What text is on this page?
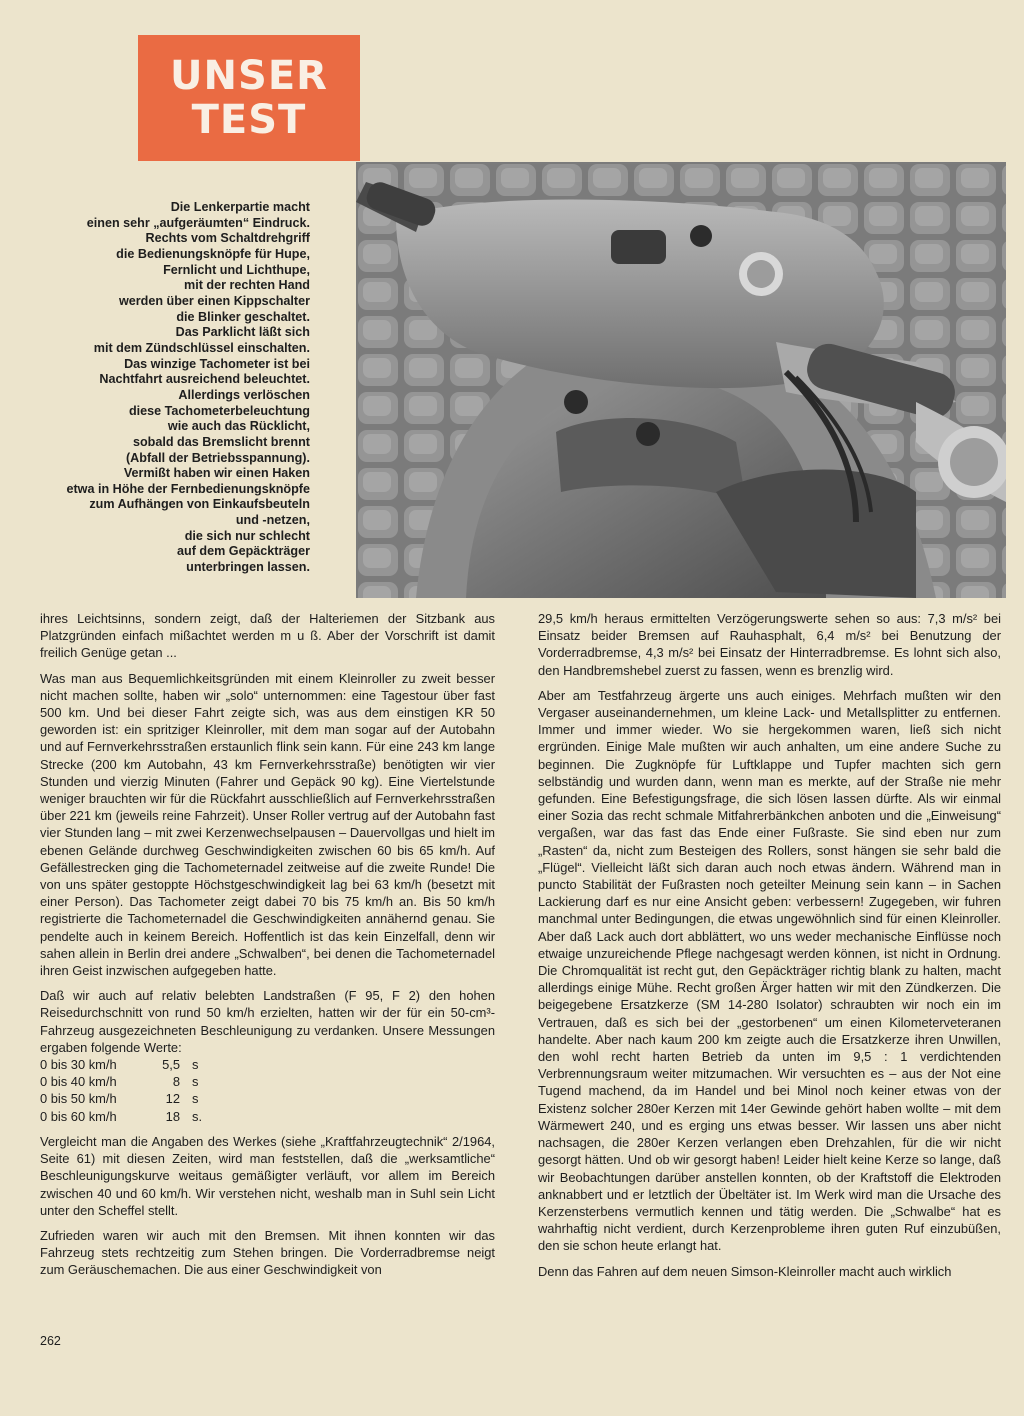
UNSER
TEST
Die Lenkerpartie macht
einen sehr „aufgeräumten“ Eindruck.
Rechts vom Schaltdrehgriff
die Bedienungsknöpfe für Hupe,
Fernlicht und Lichthupe,
mit der rechten Hand
werden über einen Kippschalter
die Blinker geschaltet.
Das Parklicht läßt sich
mit dem Zündschlüssel einschalten.
Das winzige Tachometer ist bei
Nachtfahrt ausreichend beleuchtet.
Allerdings verlöschen
diese Tachometerbeleuchtung
wie auch das Rücklicht,
sobald das Bremslicht brennt
(Abfall der Betriebsspannung).
Vermißt haben wir einen Haken
etwa in Höhe der Fernbedienungsknöpfe
zum Aufhängen von Einkaufsbeuteln
und -netzen,
die sich nur schlecht
auf dem Gepäckträger
unterbringen lassen.

ihres Leichtsinns, sondern zeigt, daß der Halteriemen der Sitzbank aus Platzgründen einfach mißachtet werden m u ß. Aber der Vorschrift ist damit freilich Genüge getan ...

Was man aus Bequemlichkeitsgründen mit einem Kleinroller zu zweit besser nicht machen sollte, haben wir „solo“ unternommen: eine Tagestour über fast 500 km. Und bei dieser Fahrt zeigte sich, was aus dem einstigen KR 50 geworden ist: ein spritziger Kleinroller, mit dem man sogar auf der Autobahn und auf Fernverkehrsstraßen erstaunlich flink sein kann. Für eine 243 km lange Strecke (200 km Autobahn, 43 km Fernverkehrsstraße) benötigten wir vier Stunden und vierzig Minuten (Fahrer und Gepäck 90 kg). Eine Viertelstunde weniger brauchten wir für die Rückfahrt ausschließlich auf Fernverkehrsstraßen über 221 km (jeweils reine Fahrzeit). Unser Roller vertrug auf der Autobahn fast vier Stunden lang – mit zwei Kerzenwechselpausen – Dauervollgas und hielt im ebenen Gelände durchweg Geschwindigkeiten zwischen 60 bis 65 km/h. Auf Gefällestrecken ging die Tachometernadel zeitweise auf die zweite Runde! Die von uns später gestoppte Höchstgeschwindigkeit lag bei 63 km/h (besetzt mit einer Person). Das Tachometer zeigt dabei 70 bis 75 km/h an. Bis 50 km/h registrierte die Tachometernadel die Geschwindigkeiten annähernd genau. Sie pendelte auch in keinem Bereich. Hoffentlich ist das kein Einzelfall, denn wir sahen allein in Berlin drei andere „Schwalben“, bei denen die Tachometernadel ihren Geist inzwischen aufgegeben hatte.

Daß wir auch auf relativ belebten Landstraßen (F 95, F 2) den hohen Reisedurchschnitt von rund 50 km/h erzielten, hatten wir der für ein 50-cm³-Fahrzeug ausgezeichneten Beschleunigung zu verdanken. Unsere Messungen ergaben folgende Werte:

0 bis 30 km/h	5,5 s
0 bis 40 km/h	8 s
0 bis 50 km/h	12 s
0 bis 60 km/h	18 s.

Vergleicht man die Angaben des Werkes (siehe „Kraftfahrzeugtechnik“ 2/1964, Seite 61) mit diesen Zeiten, wird man feststellen, daß die „werksamtliche“ Beschleunigungskurve weitaus gemäßigter verläuft, vor allem im Bereich zwischen 40 und 60 km/h. Wir verstehen nicht, weshalb man in Suhl sein Licht unter den Scheffel stellt.

Zufrieden waren wir auch mit den Bremsen. Mit ihnen konnten wir das Fahrzeug stets rechtzeitig zum Stehen bringen. Die Vorderradbremse neigt zum Geräuschemachen. Die aus einer Geschwindigkeit von

29,5 km/h heraus ermittelten Verzögerungswerte sehen so aus: 7,3 m/s² bei Einsatz beider Bremsen auf Rauhasphalt, 6,4 m/s² bei Benutzung der Vorderradbremse, 4,3 m/s² bei Einsatz der Hinterradbremse. Es lohnt sich also, den Handbremshebel zuerst zu fassen, wenn es brenzlig wird.

Aber am Testfahrzeug ärgerte uns auch einiges. Mehrfach mußten wir den Vergaser auseinandernehmen, um kleine Lack- und Metallsplitter zu entfernen. Immer und immer wieder. Wo sie hergekommen waren, ließ sich nicht ergründen. Einige Male mußten wir auch anhalten, um eine andere Suche zu beginnen. Die Zugknöpfe für Luftklappe und Tupfer machten sich gern selbständig und wurden dann, wenn man es merkte, auf der Straße nie mehr gefunden. Eine Befestigungsfrage, die sich lösen lassen dürfte. Als wir einmal einer Sozia das recht schmale Mitfahrerbänkchen anboten und die „Einweisung“ vergaßen, war das fast das Ende einer Fußraste. Sie sind eben nur zum „Rasten“ da, nicht zum Besteigen des Rollers, sonst hängen sie sehr bald die „Flügel“. Vielleicht läßt sich daran auch noch etwas ändern. Während man in puncto Stabilität der Fußrasten noch geteilter Meinung sein kann – in Sachen Lackierung darf es nur eine Ansicht geben: verbessern! Zugegeben, wir fuhren manchmal unter Bedingungen, die etwas ungewöhnlich sind für einen Kleinroller. Aber daß Lack auch dort abblättert, wo uns weder mechanische Einflüsse noch etwaige unzureichende Pflege nachgesagt werden können, ist nicht in Ordnung. Die Chromqualität ist recht gut, den Gepäckträger richtig blank zu halten, macht allerdings einige Mühe. Recht großen Ärger hatten wir mit den Zündkerzen. Die beigegebene Ersatzkerze (SM 14-280 Isolator) schraubten wir noch ein im Vertrauen, daß es sich bei der „gestorbenen“ um einen Kilometerveteranen handelte. Aber nach kaum 200 km zeigte auch die Ersatzkerze ihren Unwillen, den wohl recht harten Betrieb da unten im 9,5 : 1 verdichtenden Verbrennungsraum weiter mitzumachen. Wir versuchten es – aus der Not eine Tugend machend, da im Handel und bei Minol noch keiner etwas von der Existenz solcher 280er Kerzen mit 14er Gewinde gehört haben wollte – mit dem Wärmewert 240, und es erging uns etwas besser. Wir lassen uns aber nicht nachsagen, die 280er Kerzen verlangen eben Drehzahlen, für die wir nicht gesorgt hätten. Und ob wir gesorgt haben! Leider hielt keine Kerze so lange, daß wir Beobachtungen darüber anstellen konnten, ob der Kraftstoff die Elektroden anknabbert und er letztlich der Übeltäter ist. Im Werk wird man die Ursache des Kerzensterbens vermutlich kennen und tätig werden. Die „Schwalbe“ hat es wahrhaftig nicht verdient, durch Kerzenprobleme ihren guten Ruf einzubüßen, den sie schon heute erlangt hat.

Denn das Fahren auf dem neuen Simson-Kleinroller macht auch wirklich

262
